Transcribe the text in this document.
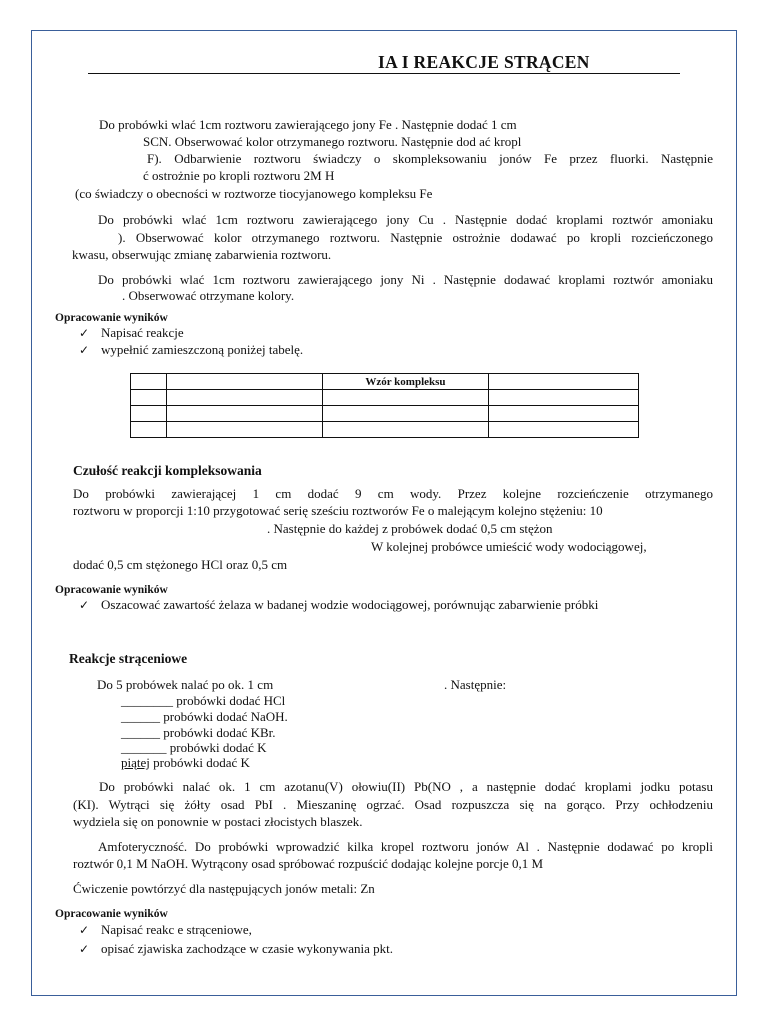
IA I REAKCJE STRĄCEN
Do probówki wlać 1cm roztworu zawierającego jony Fe . Następnie dodać 1 cm
SCN. Obserwować kolor otrzymanego roztworu. Następnie dod ać kropl
F). Odbarwienie roztworu świadczy o skompleksowaniu jonów Fe przez fluorki. Następnie
ć ostrożnie po kropli roztworu 2M H
(co świadczy o obecności w roztworze tiocyjanowego kompleksu Fe
Do probówki wlać 1cm roztworu zawierającego jony Cu . Następnie dodać kroplami roztwór amoniaku
). Obserwować kolor otrzymanego roztworu. Następnie ostrożnie dodawać po kropli rozcieńczonego
kwasu, obserwując zmianę zabarwienia roztworu.
Do probówki wlać 1cm roztworu zawierającego jony Ni . Następnie dodawać kroplami roztwór amoniaku
. Obserwować otrzymane kolory.
Opracowanie wyników
✓ Napisać reakcje
✓ wypełnić zamieszczoną poniżej tabelę.
		Wzór kompleksu	

Czułość reakcji kompleksowania
Do probówki zawierającej 1 cm dodać 9 cm wody. Przez kolejne rozcieńczenie otrzymanego
roztworu w proporcji 1:10 przygotować serię sześciu roztworów Fe o malejącym kolejno stężeniu: 10
. Następnie do każdej z probówek dodać 0,5 cm stężon
W kolejnej probówce umieścić wody wodociągowej,
dodać 0,5 cm stężonego HCl oraz 0,5 cm
Opracowanie wyników
✓ Oszacować zawartość żelaza w badanej wodzie wodociągowej, porównując zabarwienie próbki
Reakcje strąceniowe
Do 5 probówek nalać po ok. 1 cm	. Następnie:
________ probówki dodać HCl
______ probówki dodać NaOH.
______ probówki dodać KBr.
_______ probówki dodać K
piątej probówki dodać K
Do probówki nalać ok. 1 cm azotanu(V) ołowiu(II) Pb(NO , a następnie dodać kroplami jodku potasu
(KI). Wytrąci się żółty osad PbI . Mieszaninę ogrzać. Osad rozpuszcza się na gorąco. Przy ochłodzeniu
wydziela się on ponownie w postaci złocistych blaszek.
Amfoteryczność. Do probówki wprowadzić kilka kropel roztworu jonów Al . Następnie dodawać po kropli
roztwór 0,1 M NaOH. Wytrącony osad spróbować rozpuścić dodając kolejne porcje 0,1 M
Ćwiczenie powtórzyć dla następujących jonów metali: Zn
Opracowanie wyników
✓ Napisać reakc e strąceniowe,
✓ opisać zjawiska zachodzące w czasie wykonywania pkt.
